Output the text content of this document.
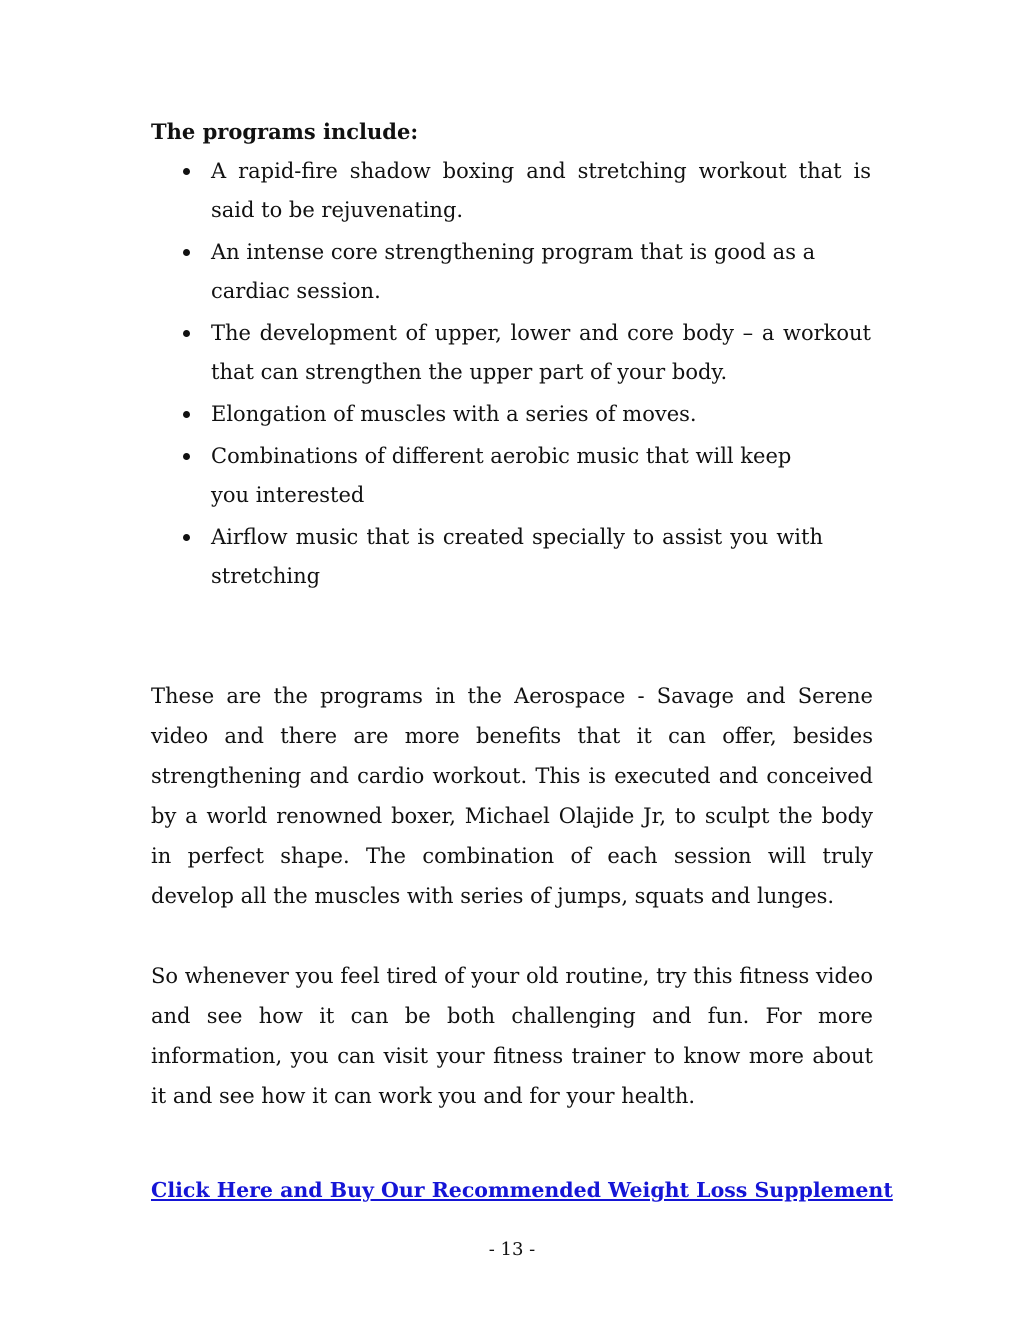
The programs include:

A rapid-fire shadow boxing and stretching workout that is said to be rejuvenating.
An intense core strengthening program that is good as a cardiac session.
The development of upper, lower and core body – a workout that can strengthen the upper part of your body.
Elongation of muscles with a series of moves.
Combinations of different aerobic music that will keep you interested
Airflow music that is created specially to assist you with stretching

These are the programs in the Aerospace - Savage and Serene video and there are more benefits that it can offer, besides strengthening and cardio workout. This is executed and conceived by a world renowned boxer, Michael Olajide Jr, to sculpt the body in perfect shape. The combination of each session will truly develop all the muscles with series of jumps, squats and lunges.

So whenever you feel tired of your old routine, try this fitness video and see how it can be both challenging and fun. For more information, you can visit your fitness trainer to know more about it and see how it can work you and for your health.

Click Here and Buy Our Recommended Weight Loss Supplement
- 13 -
